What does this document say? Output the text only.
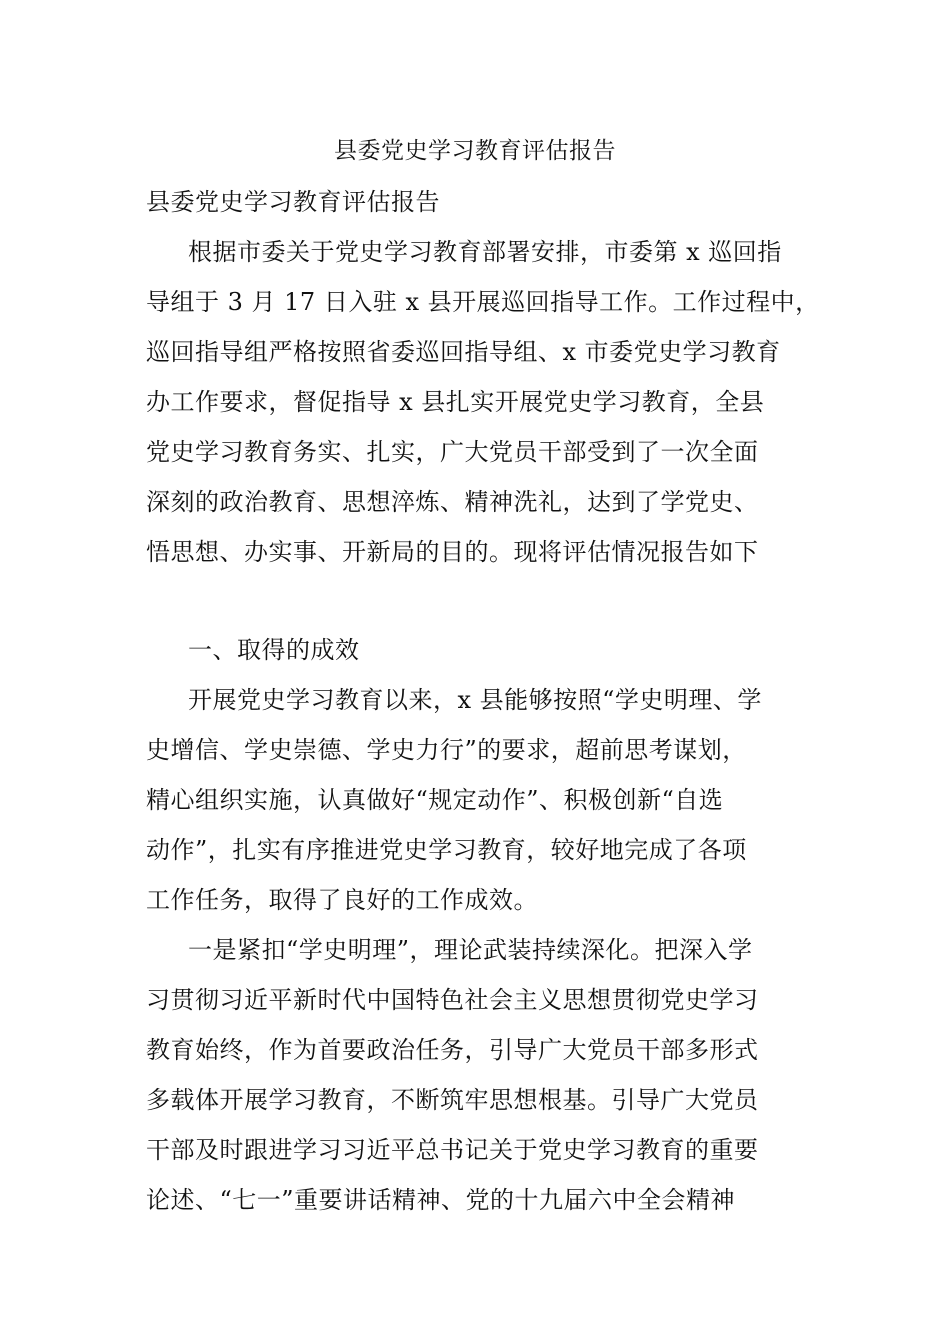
县委党史学习教育评估报告
县委党史学习教育评估报告
根据市委关于党史学习教育部署安排，市委第 x 巡回指
导组于 3 月 17 日入驻 x 县开展巡回指导工作。工作过程中，
巡回指导组严格按照省委巡回指导组、x 市委党史学习教育
办工作要求，督促指导 x 县扎实开展党史学习教育，全县
党史学习教育务实、扎实，广大党员干部受到了一次全面
深刻的政治教育、思想淬炼、精神洗礼，达到了学党史、
悟思想、办实事、开新局的目的。现将评估情况报告如下
一、取得的成效
开展党史学习教育以来，x 县能够按照“学史明理、学
史增信、学史崇德、学史力行”的要求，超前思考谋划，
精心组织实施，认真做好“规定动作”、积极创新“自选
动作”，扎实有序推进党史学习教育，较好地完成了各项
工作任务，取得了良好的工作成效。
一是紧扣“学史明理”，理论武装持续深化。把深入学
习贯彻习近平新时代中国特色社会主义思想贯彻党史学习
教育始终，作为首要政治任务，引导广大党员干部多形式
多载体开展学习教育，不断筑牢思想根基。引导广大党员
干部及时跟进学习习近平总书记关于党史学习教育的重要
论述、“七一”重要讲话精神、党的十九届六中全会精神
